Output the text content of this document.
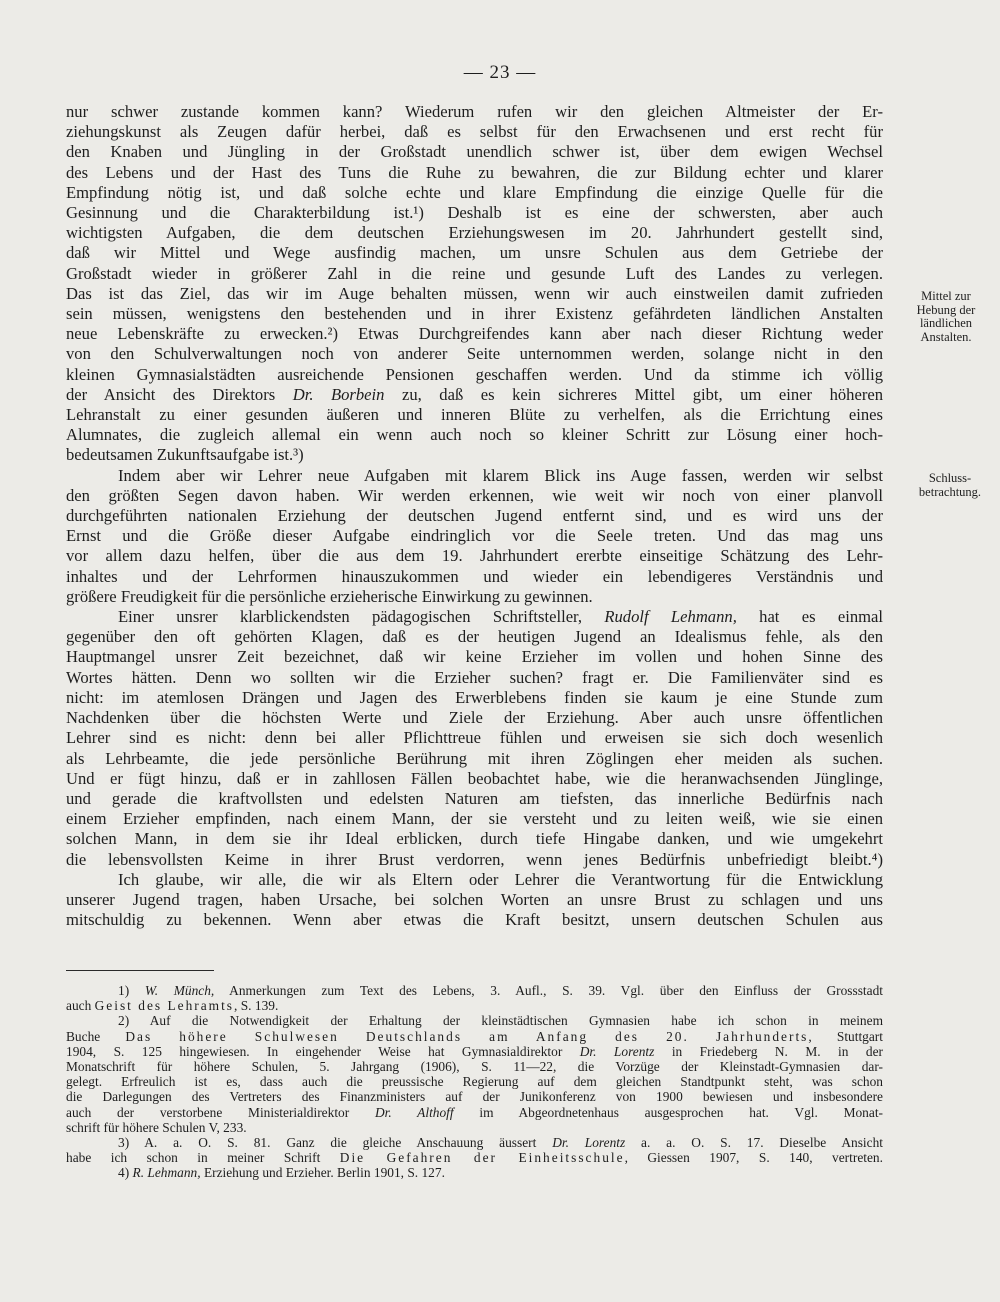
— 23 —
nur schwer zustande kommen kann? Wiederum rufen wir den gleichen Altmeister der Er-
ziehungskunst als Zeugen dafür herbei, daß es selbst für den Erwachsenen und erst recht für
den Knaben und Jüngling in der Großstadt unendlich schwer ist, über dem ewigen Wechsel
des Lebens und der Hast des Tuns die Ruhe zu bewahren, die zur Bildung echter und klarer
Empfindung nötig ist, und daß solche echte und klare Empfindung die einzige Quelle für die
Gesinnung und die Charakterbildung ist.¹) Deshalb ist es eine der schwersten, aber auch
wichtigsten Aufgaben, die dem deutschen Erziehungswesen im 20. Jahrhundert gestellt sind,
daß wir Mittel und Wege ausfindig machen, um unsre Schulen aus dem Getriebe der
Großstadt wieder in größerer Zahl in die reine und gesunde Luft des Landes zu verlegen.
Das ist das Ziel, das wir im Auge behalten müssen, wenn wir auch einstweilen damit zufrieden
sein müssen, wenigstens den bestehenden und in ihrer Existenz gefährdeten ländlichen Anstalten
neue Lebenskräfte zu erwecken.²) Etwas Durchgreifendes kann aber nach dieser Richtung weder
von den Schulverwaltungen noch von anderer Seite unternommen werden, solange nicht in den
kleinen Gymnasialstädten ausreichende Pensionen geschaffen werden. Und da stimme ich völlig
der Ansicht des Direktors Dr. Borbein zu, daß es kein sichreres Mittel gibt, um einer höheren
Lehranstalt zu einer gesunden äußeren und inneren Blüte zu verhelfen, als die Errichtung eines
Alumnates, die zugleich allemal ein wenn auch noch so kleiner Schritt zur Lösung einer hoch-
bedeutsamen Zukunftsaufgabe ist.³)
Indem aber wir Lehrer neue Aufgaben mit klarem Blick ins Auge fassen, werden wir selbst
den größten Segen davon haben. Wir werden erkennen, wie weit wir noch von einer planvoll
durchgeführten nationalen Erziehung der deutschen Jugend entfernt sind, und es wird uns der
Ernst und die Größe dieser Aufgabe eindringlich vor die Seele treten. Und das mag uns
vor allem dazu helfen, über die aus dem 19. Jahrhundert ererbte einseitige Schätzung des Lehr-
inhaltes und der Lehrformen hinauszukommen und wieder ein lebendigeres Verständnis und
größere Freudigkeit für die persönliche erzieherische Einwirkung zu gewinnen.
Einer unsrer klarblickendsten pädagogischen Schriftsteller, Rudolf Lehmann, hat es einmal
gegenüber den oft gehörten Klagen, daß es der heutigen Jugend an Idealismus fehle, als den
Hauptmangel unsrer Zeit bezeichnet, daß wir keine Erzieher im vollen und hohen Sinne des
Wortes hätten. Denn wo sollten wir die Erzieher suchen? fragt er. Die Familienväter sind es
nicht: im atemlosen Drängen und Jagen des Erwerblebens finden sie kaum je eine Stunde zum
Nachdenken über die höchsten Werte und Ziele der Erziehung. Aber auch unsre öffentlichen
Lehrer sind es nicht: denn bei aller Pflichttreue fühlen und erweisen sie sich doch wesenlich
als Lehrbeamte, die jede persönliche Berührung mit ihren Zöglingen eher meiden als suchen.
Und er fügt hinzu, daß er in zahllosen Fällen beobachtet habe, wie die heranwachsenden Jünglinge,
und gerade die kraftvollsten und edelsten Naturen am tiefsten, das innerliche Bedürfnis nach
einem Erzieher empfinden, nach einem Mann, der sie versteht und zu leiten weiß, wie sie einen
solchen Mann, in dem sie ihr Ideal erblicken, durch tiefe Hingabe danken, und wie umgekehrt
die lebensvollsten Keime in ihrer Brust verdorren, wenn jenes Bedürfnis unbefriedigt bleibt.⁴)
Ich glaube, wir alle, die wir als Eltern oder Lehrer die Verantwortung für die Entwicklung
unserer Jugend tragen, haben Ursache, bei solchen Worten an unsre Brust zu schlagen und uns
mitschuldig zu bekennen. Wenn aber etwas die Kraft besitzt, unsern deutschen Schulen aus
Mittel zur
Hebung der
ländlichen
Anstalten.
Schluss-
betrachtung.
1) W. Münch, Anmerkungen zum Text des Lebens, 3. Aufl., S. 39. Vgl. über den Einfluss der Grossstadt
auch Geist des Lehramts, S. 139.
2) Auf die Notwendigkeit der Erhaltung der kleinstädtischen Gymnasien habe ich schon in meinem
Buche Das höhere Schulwesen Deutschlands am Anfang des 20. Jahrhunderts, Stuttgart
1904, S. 125 hingewiesen. In eingehender Weise hat Gymnasialdirektor Dr. Lorentz in Friedeberg N. M. in der
Monatschrift für höhere Schulen, 5. Jahrgang (1906), S. 11—22, die Vorzüge der Kleinstadt-Gymnasien dar-
gelegt. Erfreulich ist es, dass auch die preussische Regierung auf dem gleichen Standtpunkt steht, was schon
die Darlegungen des Vertreters des Finanzministers auf der Junikonferenz von 1900 bewiesen und insbesondere
auch der verstorbene Ministerialdirektor Dr. Althoff im Abgeordnetenhaus ausgesprochen hat. Vgl. Monat-
schrift für höhere Schulen V, 233.
3) A. a. O. S. 81. Ganz die gleiche Anschauung äussert Dr. Lorentz a. a. O. S. 17. Dieselbe Ansicht
habe ich schon in meiner Schrift Die Gefahren der Einheitsschule, Giessen 1907, S. 140, vertreten.
4) R. Lehmann, Erziehung und Erzieher. Berlin 1901, S. 127.
